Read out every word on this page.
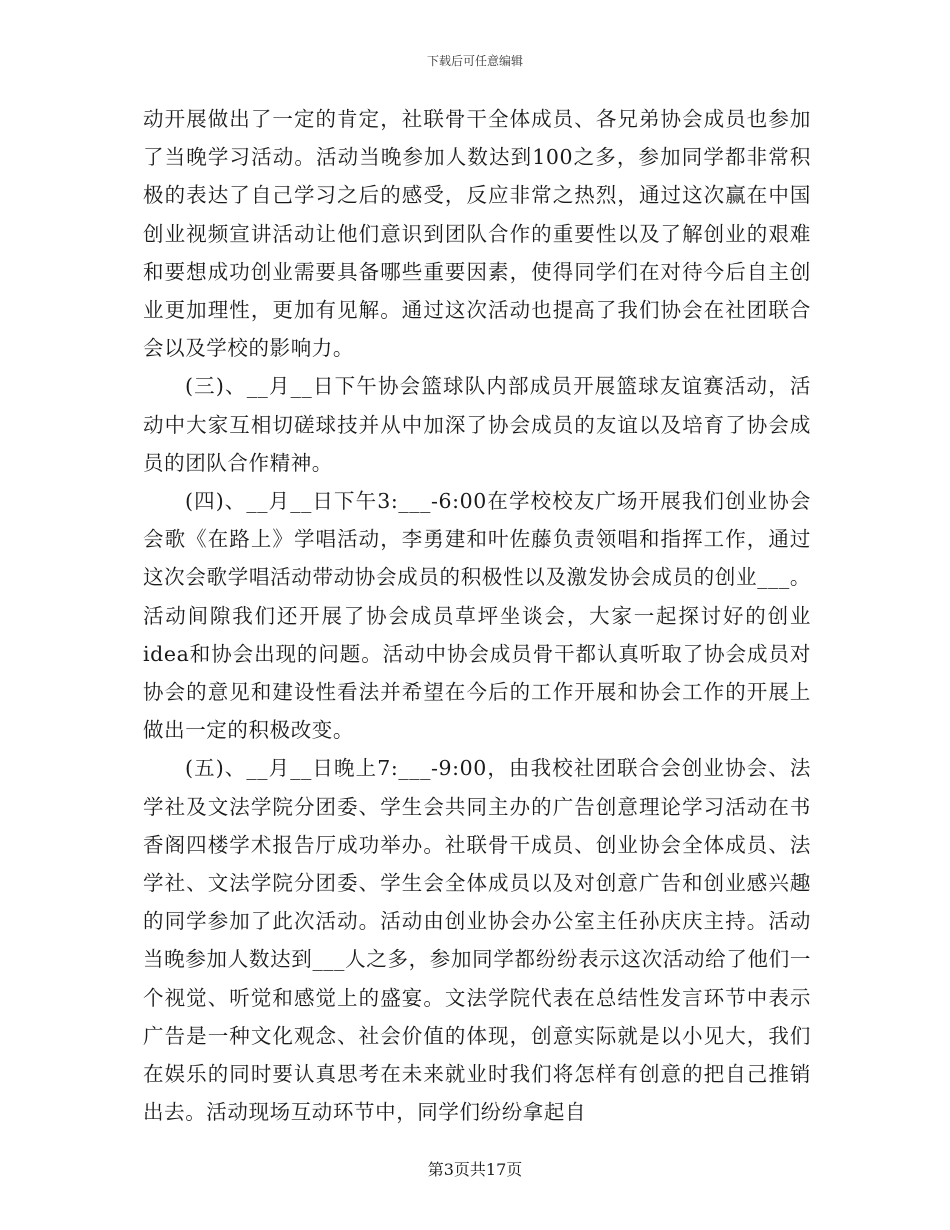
下载后可任意编辑

动开展做出了一定的肯定，社联骨干全体成员、各兄弟协会成员也参加了当晚学习活动。活动当晚参加人数达到100之多，参加同学都非常积极的表达了自己学习之后的感受，反应非常之热烈，通过这次赢在中国创业视频宣讲活动让他们意识到团队合作的重要性以及了解创业的艰难和要想成功创业需要具备哪些重要因素，使得同学们在对待今后自主创业更加理性，更加有见解。通过这次活动也提高了我们协会在社团联合会以及学校的影响力。

(三)、__月__日下午协会篮球队内部成员开展篮球友谊赛活动，活动中大家互相切磋球技并从中加深了协会成员的友谊以及培育了协会成员的团队合作精神。

(四)、__月__日下午3:___-6:00在学校校友广场开展我们创业协会会歌《在路上》学唱活动，李勇建和叶佐藤负责领唱和指挥工作，通过这次会歌学唱活动带动协会成员的积极性以及激发协会成员的创业___。活动间隙我们还开展了协会成员草坪坐谈会，大家一起探讨好的创业idea和协会出现的问题。活动中协会成员骨干都认真听取了协会成员对协会的意见和建设性看法并希望在今后的工作开展和协会工作的开展上做出一定的积极改变。

(五)、__月__日晚上7:___-9:00，由我校社团联合会创业协会、法学社及文法学院分团委、学生会共同主办的广告创意理论学习活动在书香阁四楼学术报告厅成功举办。社联骨干成员、创业协会全体成员、法学社、文法学院分团委、学生会全体成员以及对创意广告和创业感兴趣的同学参加了此次活动。活动由创业协会办公室主任孙庆庆主持。活动当晚参加人数达到___人之多，参加同学都纷纷表示这次活动给了他们一个视觉、听觉和感觉上的盛宴。文法学院代表在总结性发言环节中表示广告是一种文化观念、社会价值的体现，创意实际就是以小见大，我们在娱乐的同时要认真思考在未来就业时我们将怎样有创意的把自己推销出去。活动现场互动环节中，同学们纷纷拿起自

第3页共17页
